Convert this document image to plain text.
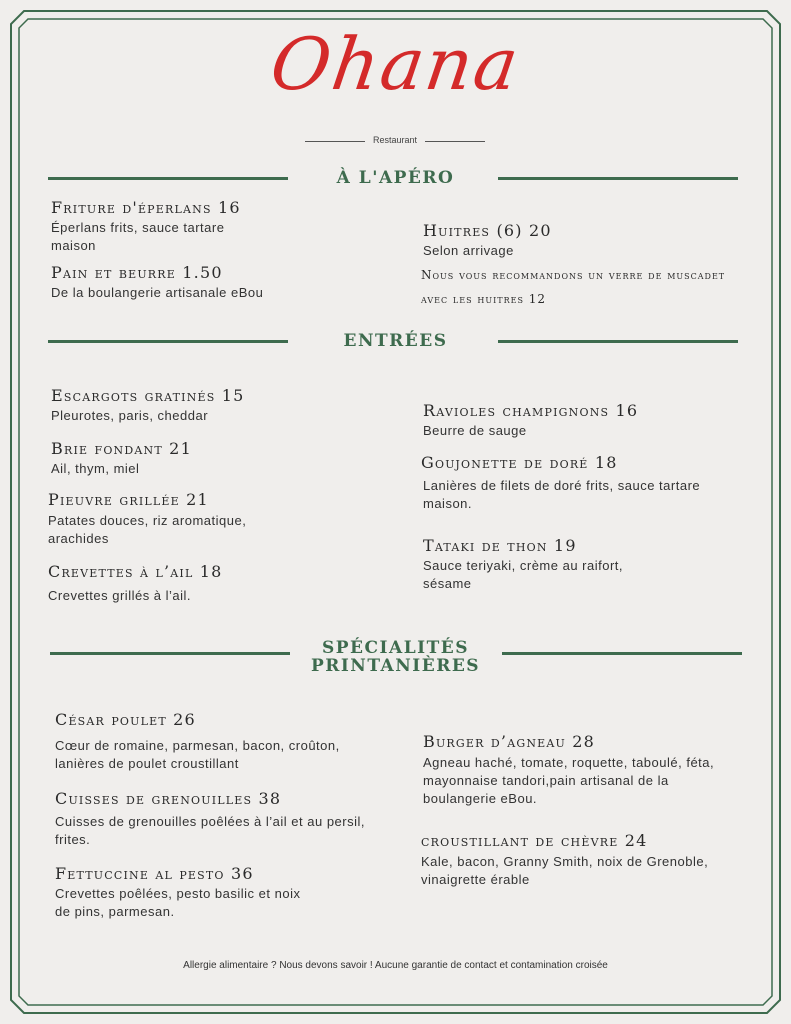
Ohana
Restaurant
À L'APÉRO
Friture d'éperlans 16
Éperlans frits, sauce tartare maison
Pain et beurre 1.50
De la boulangerie artisanale eBou
Huitres (6) 20
Selon arrivage
Nous vous recommandons un verre de muscadet avec les huitres 12
ENTRÉES
Escargots gratinés 15
Pleurotes, paris, cheddar
Brie fondant 21
Ail, thym, miel
Pieuvre grillée 21
Patates douces, riz aromatique, arachides
Crevettes à l’ail 18
Crevettes grillés à l’ail.
Ravioles champignons 16
Beurre de sauge
Goujonette de doré 18
Lanières de filets de doré frits, sauce tartare maison.
Tataki de thon 19
Sauce teriyaki, crème au raifort, sésame
SPÉCIALITÉS
PRINTANIÈRES
César poulet 26
Cœur de romaine, parmesan, bacon, croûton, lanières de poulet croustillant
Cuisses de grenouilles 38
Cuisses de grenouilles poêlées à l’ail et au persil, frites.
Fettuccine al pesto 36
Crevettes poêlées, pesto basilic et noix de pins, parmesan.
Burger d’agneau 28
Agneau haché, tomate, roquette, taboulé, féta, mayonnaise tandori,pain artisanal de la boulangerie eBou.
croustillant de chèvre 24
Kale, bacon, Granny Smith, noix de Grenoble, vinaigrette érable
Allergie alimentaire ? Nous devons savoir ! Aucune garantie de contact et contamination croisée
